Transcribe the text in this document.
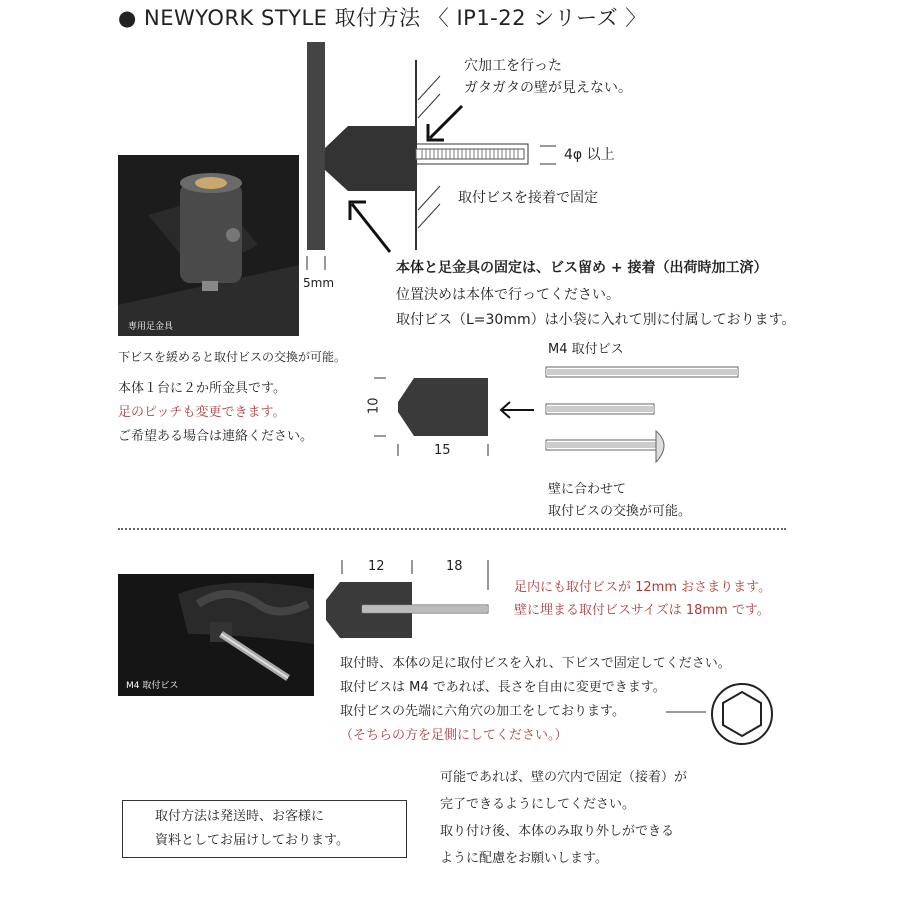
● NEWYORK STYLE 取付方法 〈 IP1-22 シリーズ 〉
専用足金具
穴加工を行った
ガタガタの壁が見えない。
4φ 以上
取付ビスを接着で固定
5mm
本体と足金具の固定は、ビス留め + 接着（出荷時加工済）
位置決めは本体で行ってください。
取付ビス（L=30mm）は小袋に入れて別に付属しております。
下ビスを緩めると取付ビスの交換が可能。
本体１台に２か所金具です。
足のピッチも変更できます。
ご希望ある場合は連絡ください。
10
15
M4 取付ビス
壁に合わせて
取付ビスの交換が可能。
M4 取付ビス
12	18
足内にも取付ビスが 12mm おさまります。
壁に埋まる取付ビスサイズは 18mm です。
取付時、本体の足に取付ビスを入れ、下ビスで固定してください。
取付ビスは M4 であれば、長さを自由に変更できます。
取付ビスの先端に六角穴の加工をしております。
（そちらの方を足側にしてください。）
取付方法は発送時、お客様に
資料としてお届けしております。
可能であれば、壁の穴内で固定（接着）が
完了できるようにしてください。
取り付け後、本体のみ取り外しができる
ように配慮をお願いします。
